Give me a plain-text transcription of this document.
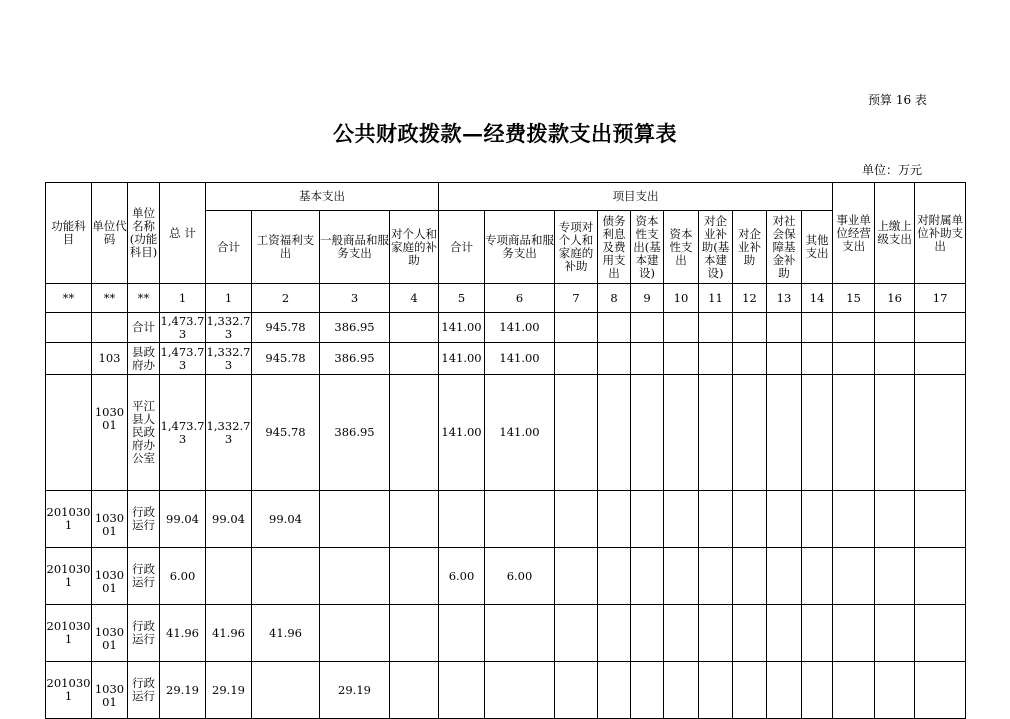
预算 16 表
公共财政拨款—经费拨款支出预算表
单位：万元
功能科目	单位代码	单位名称(功能科目)	总 计	基本支出				项目支出										事业单位经营支出	上缴上级支出	对附属单位补助支出
				合计	工资福利支出	一般商品和服务支出	对个人和家庭的补助	合计	专项商品和服务支出	专项对个人和家庭的补助	债务利息及费用支出	资本性支出(基本建设)	资本性支出	对企业补助(基本建设)	对企业补助	对社会保障基金补助	其他支出			
**	**	**	1	1	2	3	4	5	6	7	8	9	10	11	12	13	14	15	16	17
		合计	1,473.73	1,332.73	945.78	386.95		141.00	141.00											
	103	县政府办	1,473.73	1,332.73	945.78	386.95		141.00	141.00											
	103001	平江县人民政府办公室	1,473.73	1,332.73	945.78	386.95		141.00	141.00											
2010301	103001	行政运行	99.04	99.04	99.04															
2010301	103001	行政运行	6.00					6.00	6.00											
2010301	103001	行政运行	41.96	41.96	41.96															
2010301	103001	行政运行	29.19	29.19		29.19														
